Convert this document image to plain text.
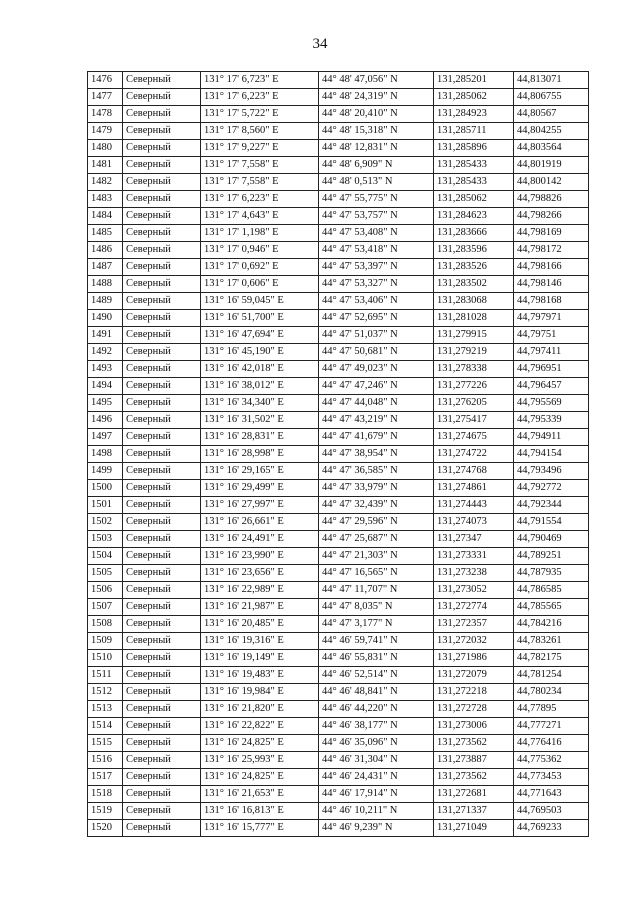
34
1476	Северный	131° 17' 6,723" E	44° 48' 47,056" N	131,285201	44,813071
1477	Северный	131° 17' 6,223" E	44° 48' 24,319" N	131,285062	44,806755
1478	Северный	131° 17' 5,722" E	44° 48' 20,410" N	131,284923	44,80567
1479	Северный	131° 17' 8,560" E	44° 48' 15,318" N	131,285711	44,804255
1480	Северный	131° 17' 9,227" E	44° 48' 12,831" N	131,285896	44,803564
1481	Северный	131° 17' 7,558" E	44° 48' 6,909" N	131,285433	44,801919
1482	Северный	131° 17' 7,558" E	44° 48' 0,513" N	131,285433	44,800142
1483	Северный	131° 17' 6,223" E	44° 47' 55,775" N	131,285062	44,798826
1484	Северный	131° 17' 4,643" E	44° 47' 53,757" N	131,284623	44,798266
1485	Северный	131° 17' 1,198" E	44° 47' 53,408" N	131,283666	44,798169
1486	Северный	131° 17' 0,946" E	44° 47' 53,418" N	131,283596	44,798172
1487	Северный	131° 17' 0,692" E	44° 47' 53,397" N	131,283526	44,798166
1488	Северный	131° 17' 0,606" E	44° 47' 53,327" N	131,283502	44,798146
1489	Северный	131° 16' 59,045" E	44° 47' 53,406" N	131,283068	44,798168
1490	Северный	131° 16' 51,700" E	44° 47' 52,695" N	131,281028	44,797971
1491	Северный	131° 16' 47,694" E	44° 47' 51,037" N	131,279915	44,79751
1492	Северный	131° 16' 45,190" E	44° 47' 50,681" N	131,279219	44,797411
1493	Северный	131° 16' 42,018" E	44° 47' 49,023" N	131,278338	44,796951
1494	Северный	131° 16' 38,012" E	44° 47' 47,246" N	131,277226	44,796457
1495	Северный	131° 16' 34,340" E	44° 47' 44,048" N	131,276205	44,795569
1496	Северный	131° 16' 31,502" E	44° 47' 43,219" N	131,275417	44,795339
1497	Северный	131° 16' 28,831" E	44° 47' 41,679" N	131,274675	44,794911
1498	Северный	131° 16' 28,998" E	44° 47' 38,954" N	131,274722	44,794154
1499	Северный	131° 16' 29,165" E	44° 47' 36,585" N	131,274768	44,793496
1500	Северный	131° 16' 29,499" E	44° 47' 33,979" N	131,274861	44,792772
1501	Северный	131° 16' 27,997" E	44° 47' 32,439" N	131,274443	44,792344
1502	Северный	131° 16' 26,661" E	44° 47' 29,596" N	131,274073	44,791554
1503	Северный	131° 16' 24,491" E	44° 47' 25,687" N	131,27347	44,790469
1504	Северный	131° 16' 23,990" E	44° 47' 21,303" N	131,273331	44,789251
1505	Северный	131° 16' 23,656" E	44° 47' 16,565" N	131,273238	44,787935
1506	Северный	131° 16' 22,989" E	44° 47' 11,707" N	131,273052	44,786585
1507	Северный	131° 16' 21,987" E	44° 47' 8,035" N	131,272774	44,785565
1508	Северный	131° 16' 20,485" E	44° 47' 3,177" N	131,272357	44,784216
1509	Северный	131° 16' 19,316" E	44° 46' 59,741" N	131,272032	44,783261
1510	Северный	131° 16' 19,149" E	44° 46' 55,831" N	131,271986	44,782175
1511	Северный	131° 16' 19,483" E	44° 46' 52,514" N	131,272079	44,781254
1512	Северный	131° 16' 19,984" E	44° 46' 48,841" N	131,272218	44,780234
1513	Северный	131° 16' 21,820" E	44° 46' 44,220" N	131,272728	44,77895
1514	Северный	131° 16' 22,822" E	44° 46' 38,177" N	131,273006	44,777271
1515	Северный	131° 16' 24,825" E	44° 46' 35,096" N	131,273562	44,776416
1516	Северный	131° 16' 25,993" E	44° 46' 31,304" N	131,273887	44,775362
1517	Северный	131° 16' 24,825" E	44° 46' 24,431" N	131,273562	44,773453
1518	Северный	131° 16' 21,653" E	44° 46' 17,914" N	131,272681	44,771643
1519	Северный	131° 16' 16,813" E	44° 46' 10,211" N	131,271337	44,769503
1520	Северный	131° 16' 15,777" E	44° 46' 9,239" N	131,271049	44,769233
